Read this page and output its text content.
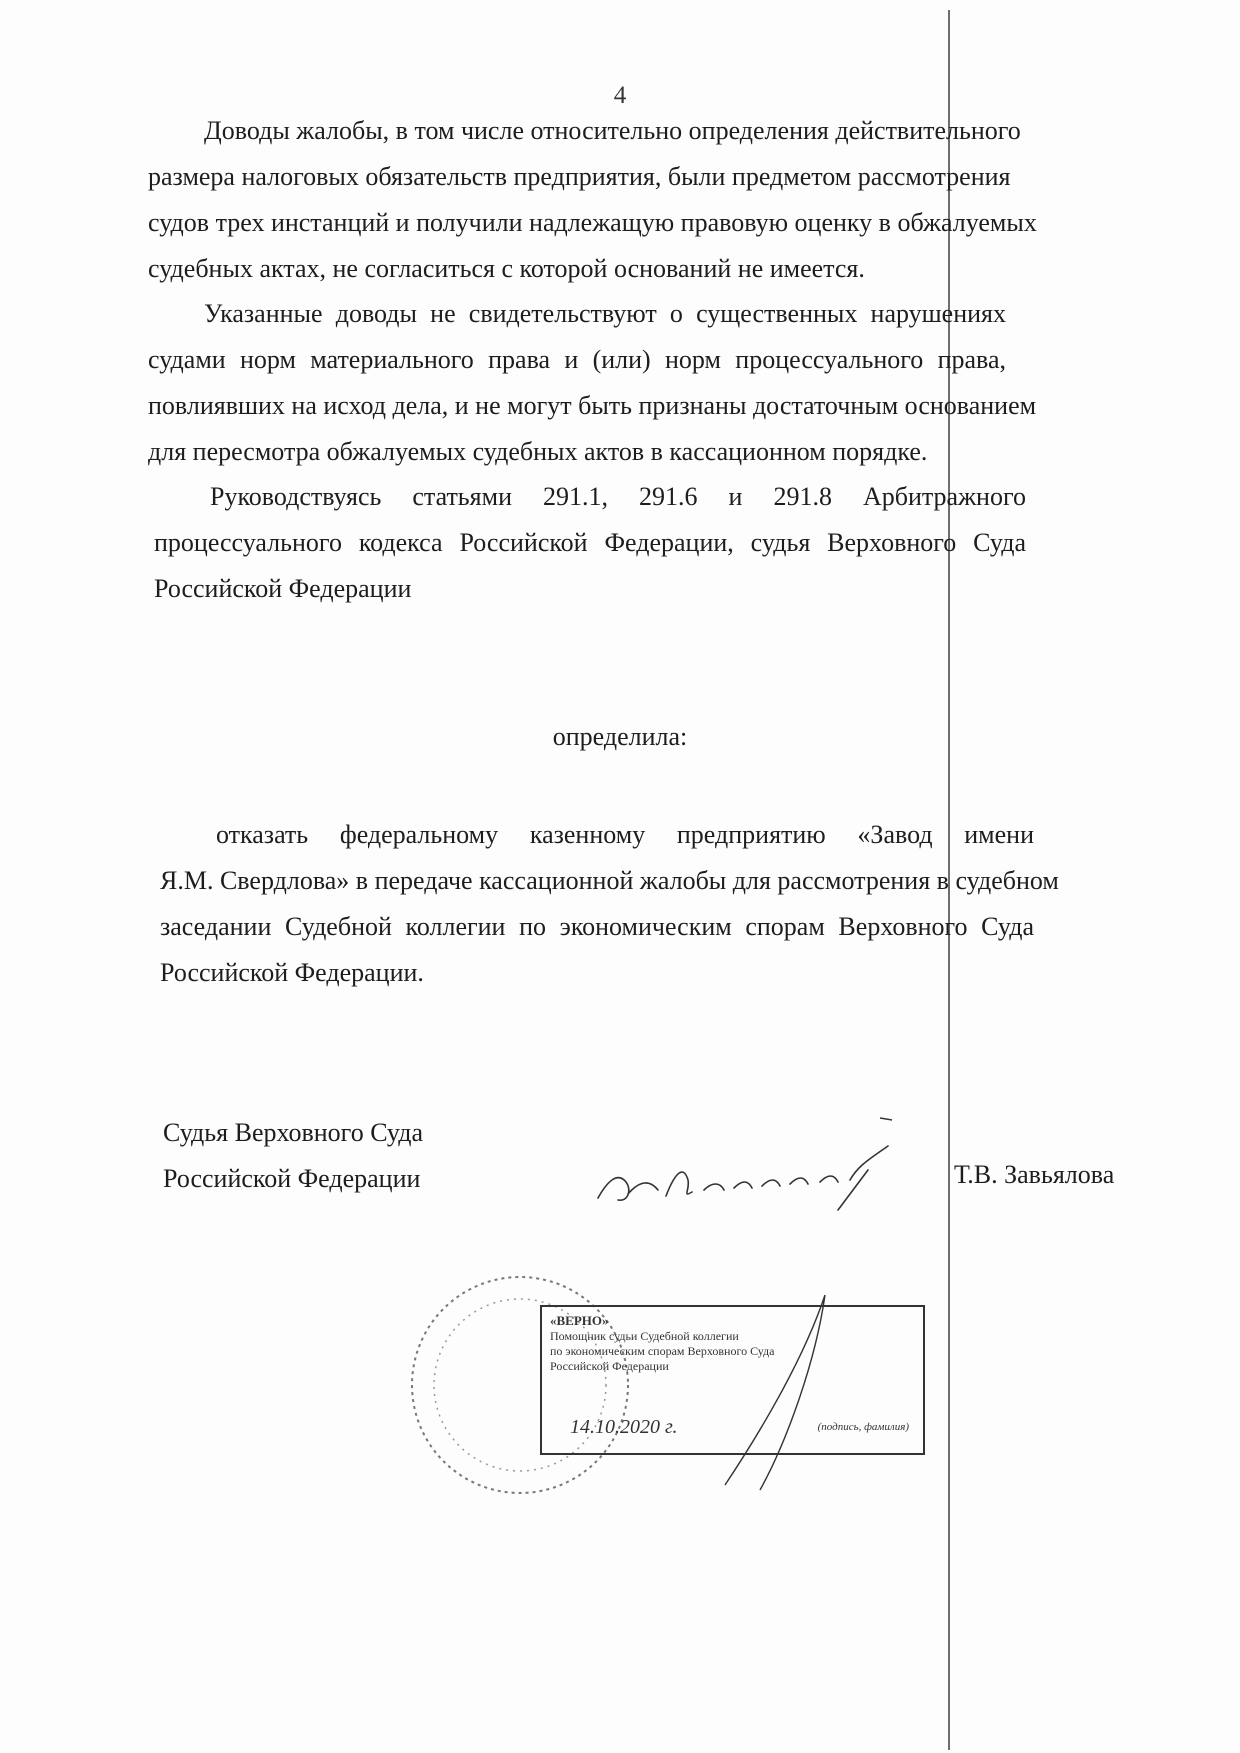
4

Доводы жалобы, в том числе относительно определения действительного
размера налоговых обязательств предприятия, были предметом рассмотрения
судов трех инстанций и получили надлежащую правовую оценку в обжалуемых
судебных актах, не согласиться с которой оснований не имеется.

Указанные доводы не свидетельствуют о существенных нарушениях
судами норм материального права и (или) норм процессуального права,
повлиявших на исход дела, и не могут быть признаны достаточным основанием
для пересмотра обжалуемых судебных актов в кассационном порядке.

Руководствуясь статьями 291.1, 291.6 и 291.8 Арбитражного
процессуального кодекса Российской Федерации, судья Верховного Суда
Российской Федерации

определила:

отказать федеральному казенному предприятию «Завод имени
Я.М. Свердлова» в передаче кассационной жалобы для рассмотрения в судебном
заседании Судебной коллегии по экономическим спорам Верховного Суда
Российской Федерации.

Судья Верховного Суда
Российской Федерации	Т.В. Завьялова
«ВЕРНО»
Помощник судьи Судебной коллегии
по экономическим спорам Верховного Суда
Российской Федерации
14.10.2020 г.	(подпись, фамилия)
